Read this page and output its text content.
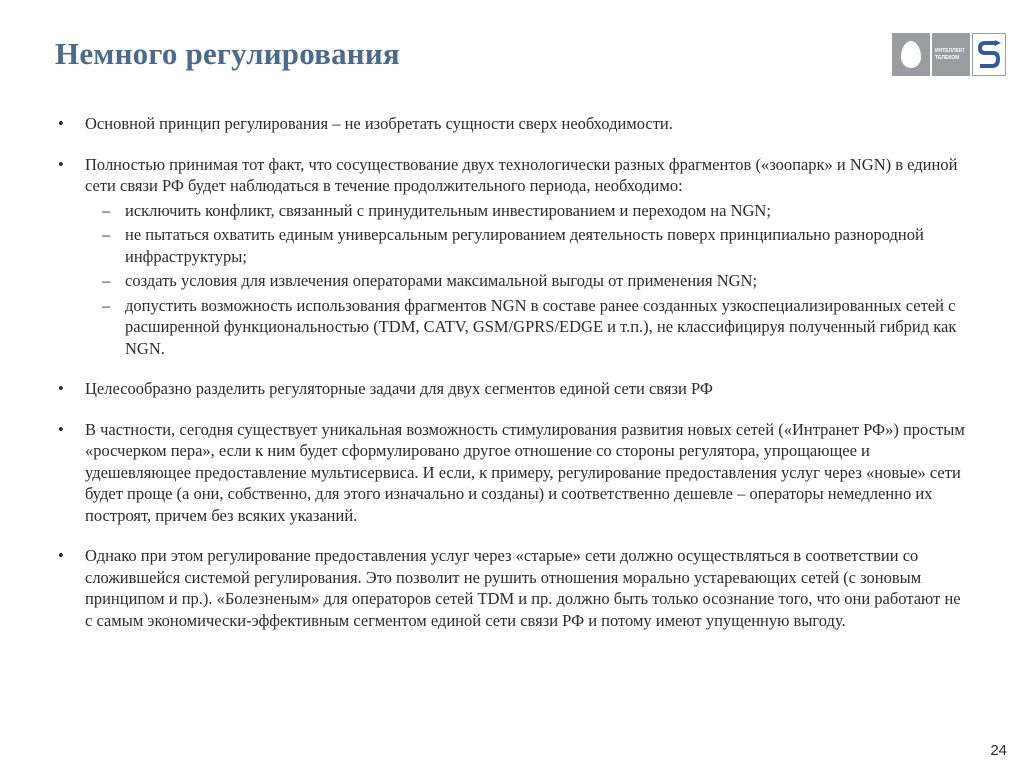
Немного регулирования	ИНТЕЛЛЕКТ
ТЕЛЕКОМ
• Основной принцип регулирования – не изобретать сущности сверх необходимости.
• Полностью принимая тот факт, что сосуществование двух технологически разных фрагментов («зоопарк» и NGN) в единой сети связи РФ будет наблюдаться в течение продолжительного периода, необходимо:
– исключить конфликт, связанный с принудительным инвестированием и переходом на NGN;
– не пытаться охватить единым универсальным регулированием деятельность поверх принципиально разнородной инфраструктуры;
– создать условия для извлечения операторами максимальной выгоды от применения NGN;
– допустить возможность использования фрагментов NGN в составе ранее созданных узкоспециализированных сетей с расширенной функциональностью (TDM, CATV, GSM/GPRS/EDGE и т.п.), не классифицируя полученный гибрид как NGN.
• Целесообразно разделить регуляторные задачи для двух сегментов единой сети связи РФ
• В частности, сегодня существует уникальная возможность стимулирования развития новых сетей («Интранет РФ») простым «росчерком пера», если к ним будет сформулировано другое отношение со стороны регулятора, упрощающее и удешевляющее предоставление мультисервиса. И если, к примеру, регулирование предоставления услуг через «новые» сети будет проще (а они, собственно, для этого изначально и созданы) и соответственно дешевле – операторы немедленно их построят, причем без всяких указаний.
• Однако при этом регулирование предоставления услуг через «старые» сети должно осуществляться в соответствии со сложившейся системой регулирования. Это позволит не рушить отношения морально устаревающих сетей (с зоновым принципом и пр.). «Болезненым» для операторов сетей TDM и пр. должно быть только осознание того, что они работают не с самым экономически-эффективным сегментом единой сети связи РФ и потому имеют упущенную выгоду.
24
